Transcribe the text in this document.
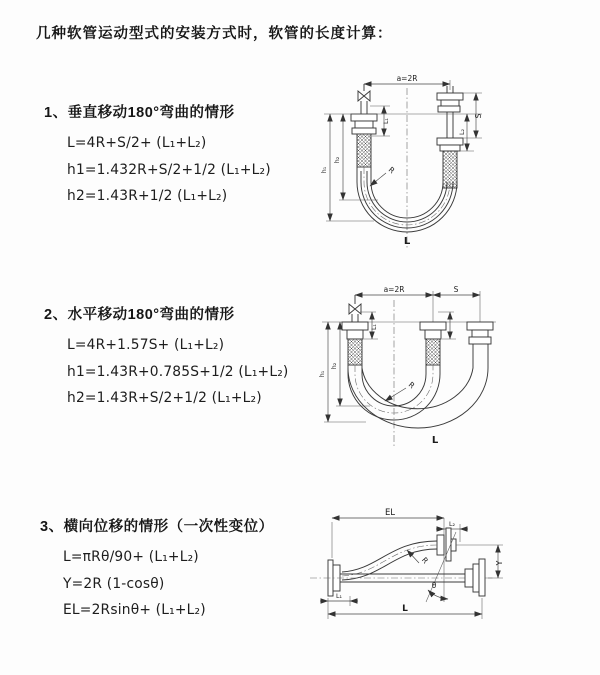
几种软管运动型式的安装方式时，软管的长度计算：
1、垂直移动180°弯曲的情形
L=4R+S/2+ (L₁+L₂)
h1=1.432R+S/2+1/2 (L₁+L₂)
h2=1.43R+1/2 (L₁+L₂)
2、水平移动180°弯曲的情形
L=4R+1.57S+ (L₁+L₂)
h1=1.43R+0.785S+1/2 (L₁+L₂)
h2=1.43R+S/2+1/2 (L₁+L₂)
3、横向位移的情形（一次性变位）
L=πRθ/90+ (L₁+L₂)
Y=2R (1-cosθ)
EL=2Rsinθ+ (L₁+L₂)
a=2R
h₁
h₂
L₁
S
L₂
R
L
a=2R	S
L₁
h₁
h₂
R
L
EL
L₂
Y
θ
R
L₁
L
